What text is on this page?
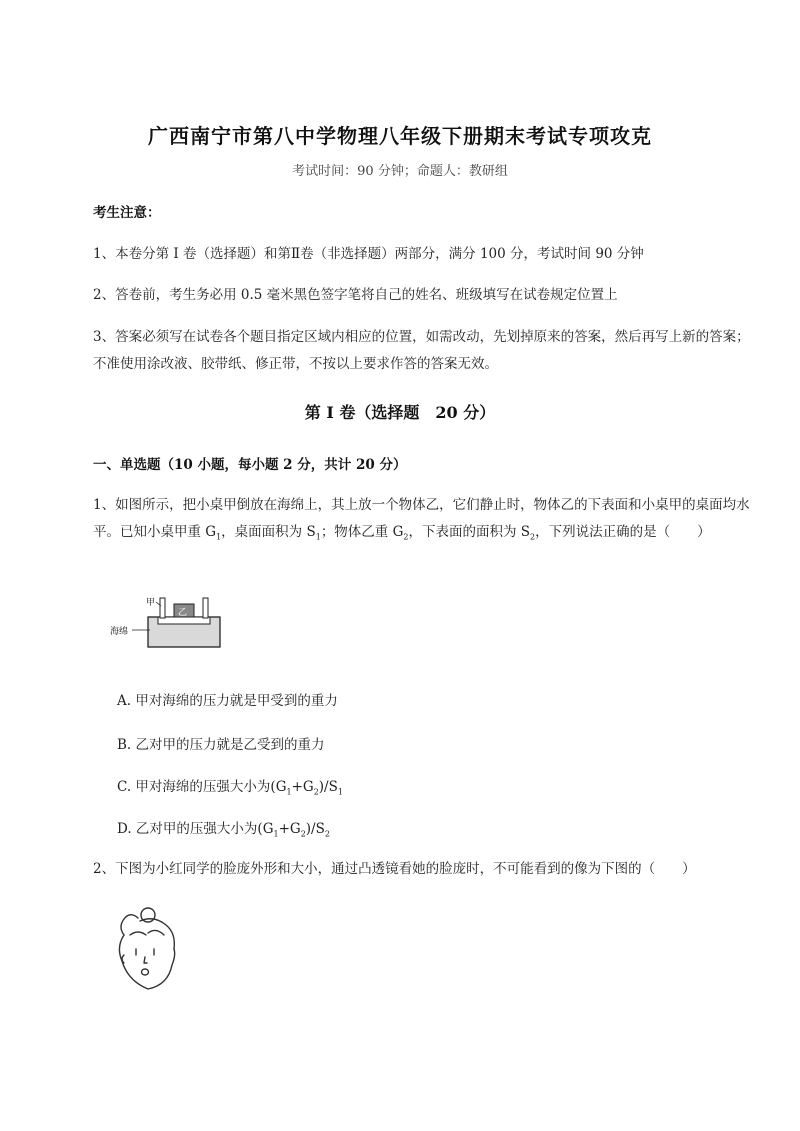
广西南宁市第八中学物理八年级下册期末考试专项攻克
考试时间：90 分钟；命题人：教研组
考生注意：
1、本卷分第 I 卷（选择题）和第Ⅱ卷（非选择题）两部分，满分 100 分，考试时间 90 分钟
2、答卷前，考生务必用 0.5 毫米黑色签字笔将自己的姓名、班级填写在试卷规定位置上
3、答案必须写在试卷各个题目指定区域内相应的位置，如需改动，先划掉原来的答案，然后再写上新的答案；不准使用涂改液、胶带纸、修正带，不按以上要求作答的答案无效。
第 I 卷（选择题　20 分）
一、单选题（10 小题，每小题 2 分，共计 20 分）
1、如图所示，把小桌甲倒放在海绵上，其上放一个物体乙，它们静止时，物体乙的下表面和小桌甲的桌面均水平。已知小桌甲重 $G_1$，桌面面积为 $S_1$；物体乙重 $G_2$，下表面的面积为 $S_2$，下列说法正确的是（　　）
乙
甲
海绵
A. 甲对海绵的压力就是甲受到的重力
B. 乙对甲的压力就是乙受到的重力
C. 甲对海绵的压强大小为$(G_1+G_2)/S_1$
D. 乙对甲的压强大小为$(G_1+G_2)/S_2$
2、下图为小红同学的脸庞外形和大小，通过凸透镜看她的脸庞时，不可能看到的像为下图的（　　）
